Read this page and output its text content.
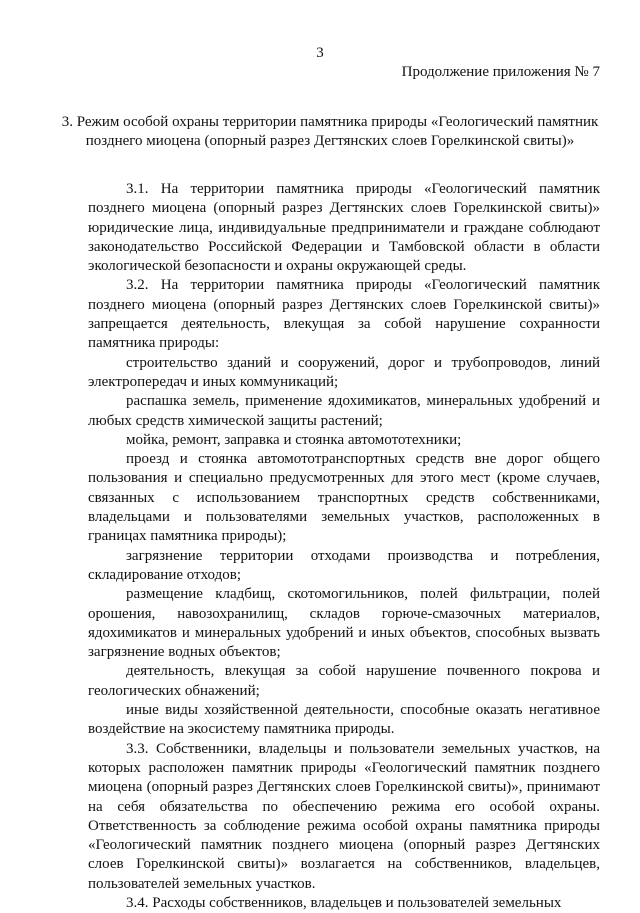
3
Продолжение приложения № 7
3. Режим особой охраны территории памятника природы «Геологический памятник позднего миоцена (опорный разрез Дегтянских слоев Горелкинской свиты)»

3.1. На территории памятника природы «Геологический памятник позднего миоцена (опорный разрез Дегтянских слоев Горелкинской свиты)» юридические лица, индивидуальные предприниматели и граждане соблюдают законодательство Российской Федерации и Тамбовской области в области экологической безопасности и охраны окружающей среды.

3.2. На территории памятника природы «Геологический памятник позднего миоцена (опорный разрез Дегтянских слоев Горелкинской свиты)» запрещается деятельность, влекущая за собой нарушение сохранности памятника природы:

строительство зданий и сооружений, дорог и трубопроводов, линий электропередач и иных коммуникаций;

распашка земель, применение ядохимикатов, минеральных удобрений и любых средств химической защиты растений;

мойка, ремонт, заправка и стоянка автомототехники;

проезд и стоянка автомототранспортных средств вне дорог общего пользования и специально предусмотренных для этого мест (кроме случаев, связанных с использованием транспортных средств собственниками, владельцами и пользователями земельных участков, расположенных в границах памятника природы);

загрязнение территории отходами производства и потребления, складирование отходов;

размещение кладбищ, скотомогильников, полей фильтрации, полей орошения, навозохранилищ, складов горюче-смазочных материалов, ядохимикатов и минеральных удобрений и иных объектов, способных вызвать загрязнение водных объектов;

деятельность, влекущая за собой нарушение почвенного покрова и геологических обнажений;

иные виды хозяйственной деятельности, способные оказать негативное воздействие на экосистему памятника природы.

3.3. Собственники, владельцы и пользователи земельных участков, на которых расположен памятник природы «Геологический памятник позднего миоцена (опорный разрез Дегтянских слоев Горелкинской свиты)», принимают на себя обязательства по обеспечению режима его особой охраны. Ответственность за соблюдение режима особой охраны памятника природы «Геологический памятник позднего миоцена (опорный разрез Дегтянских слоев Горелкинской свиты)» возлагается на собственников, владельцев, пользователей земельных участков.

3.4. Расходы собственников, владельцев и пользователей земельных
